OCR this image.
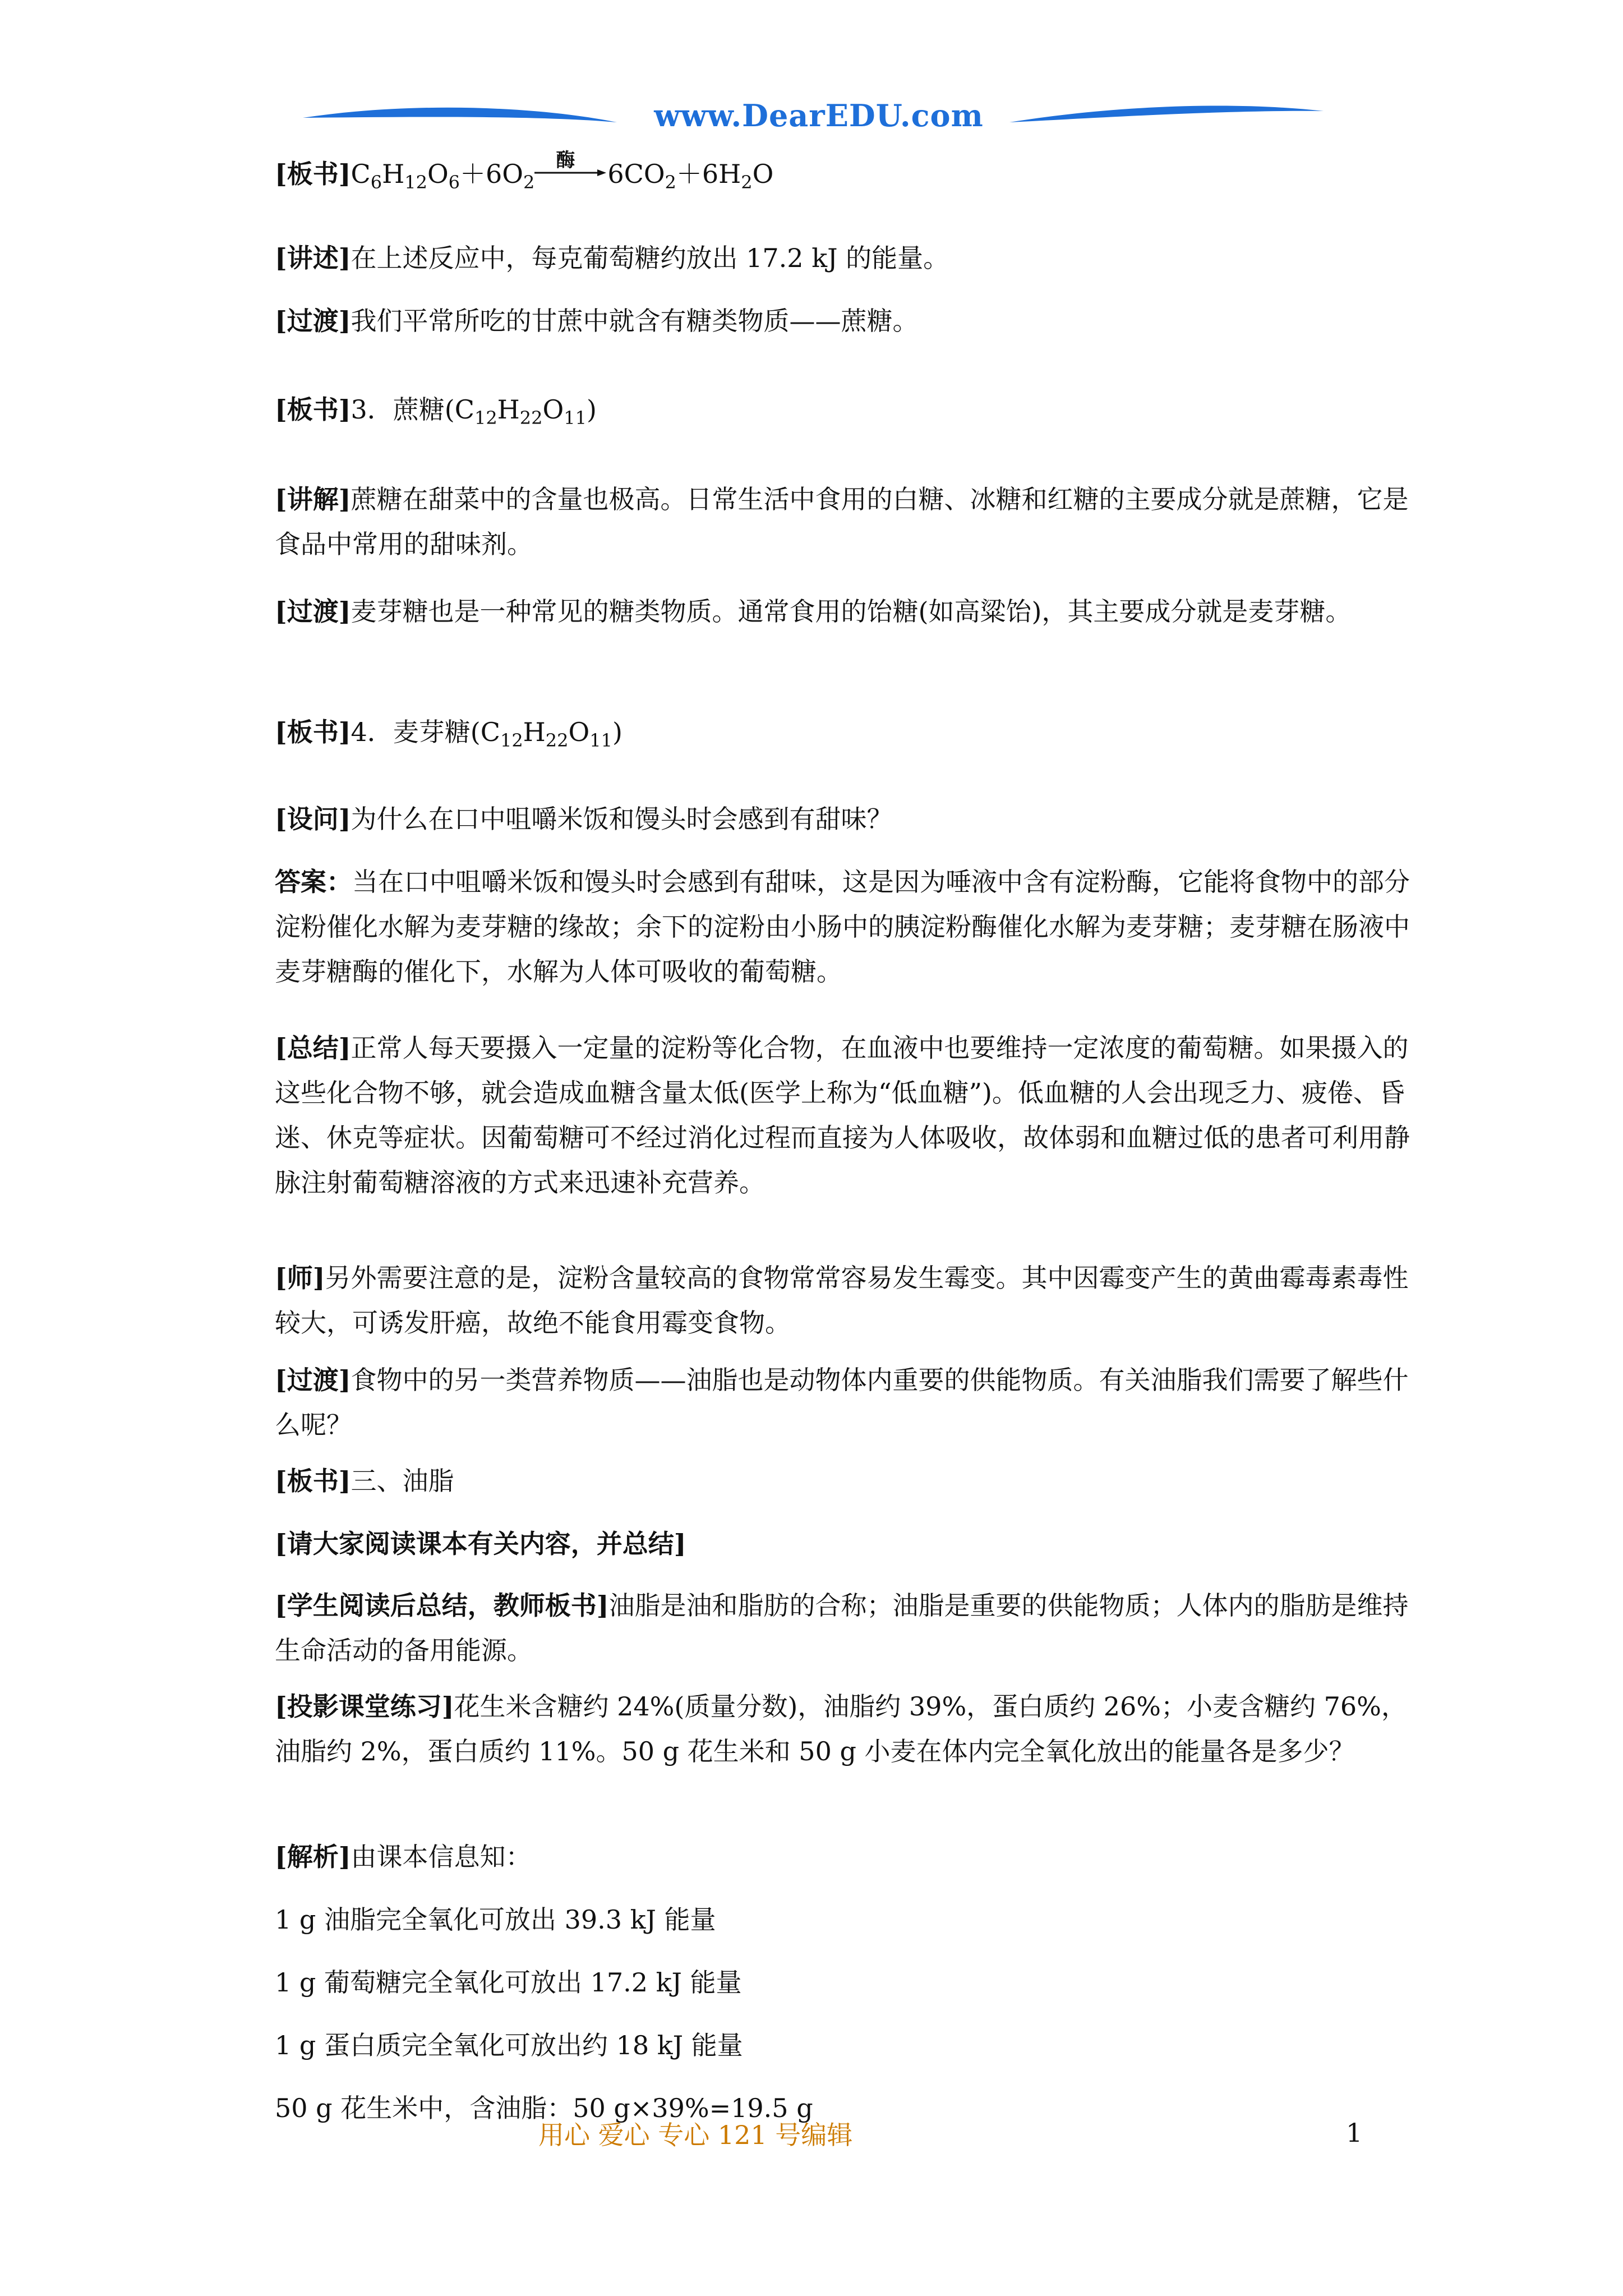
www.DearEDU.com

[板书]$C_6H_{12}O_6+6O_2$
酶 $6CO_2+6H_2O$

[讲述]在上述反应中，每克葡萄糖约放出 17.2 kJ 的能量。

[过渡]我们平常所吃的甘蔗中就含有糖类物质——蔗糖。

[板书]3．蔗糖$(C_{12}H_{22}O_{11})$

[讲解]蔗糖在甜菜中的含量也极高。日常生活中食用的白糖、冰糖和红糖的主要成分就是蔗糖，它是食品中常用的甜味剂。

[过渡]麦芽糖也是一种常见的糖类物质。通常食用的饴糖(如高粱饴)，其主要成分就是麦芽糖。

[板书]4．麦芽糖$(C_{12}H_{22}O_{11})$

[设问]为什么在口中咀嚼米饭和馒头时会感到有甜味？

答案：当在口中咀嚼米饭和馒头时会感到有甜味，这是因为唾液中含有淀粉酶，它能将食物中的部分淀粉催化水解为麦芽糖的缘故；余下的淀粉由小肠中的胰淀粉酶催化水解为麦芽糖；麦芽糖在肠液中麦芽糖酶的催化下，水解为人体可吸收的葡萄糖。

[总结]正常人每天要摄入一定量的淀粉等化合物，在血液中也要维持一定浓度的葡萄糖。如果摄入的这些化合物不够，就会造成血糖含量太低(医学上称为“低血糖”)。低血糖的人会出现乏力、疲倦、昏迷、休克等症状。因葡萄糖可不经过消化过程而直接为人体吸收，故体弱和血糖过低的患者可利用静脉注射葡萄糖溶液的方式来迅速补充营养。

[师]另外需要注意的是，淀粉含量较高的食物常常容易发生霉变。其中因霉变产生的黄曲霉毒素毒性较大，可诱发肝癌，故绝不能食用霉变食物。

[过渡]食物中的另一类营养物质——油脂也是动物体内重要的供能物质。有关油脂我们需要了解些什么呢？

[板书]三、油脂

[请大家阅读课本有关内容，并总结]

[学生阅读后总结，教师板书]油脂是油和脂肪的合称；油脂是重要的供能物质；人体内的脂肪是维持生命活动的备用能源。

[投影课堂练习]花生米含糖约 24%(质量分数)，油脂约 39%，蛋白质约 26%；小麦含糖约 76%，油脂约 2%，蛋白质约 11%。50 g 花生米和 50 g 小麦在体内完全氧化放出的能量各是多少？

[解析]由课本信息知：

1 g 油脂完全氧化可放出 39.3 kJ 能量

1 g 葡萄糖完全氧化可放出 17.2 kJ 能量

1 g 蛋白质完全氧化可放出约 18 kJ 能量

50 g 花生米中，含油脂：50 g×39%=19.5 g

用心 爱心 专心 121 号编辑	1
